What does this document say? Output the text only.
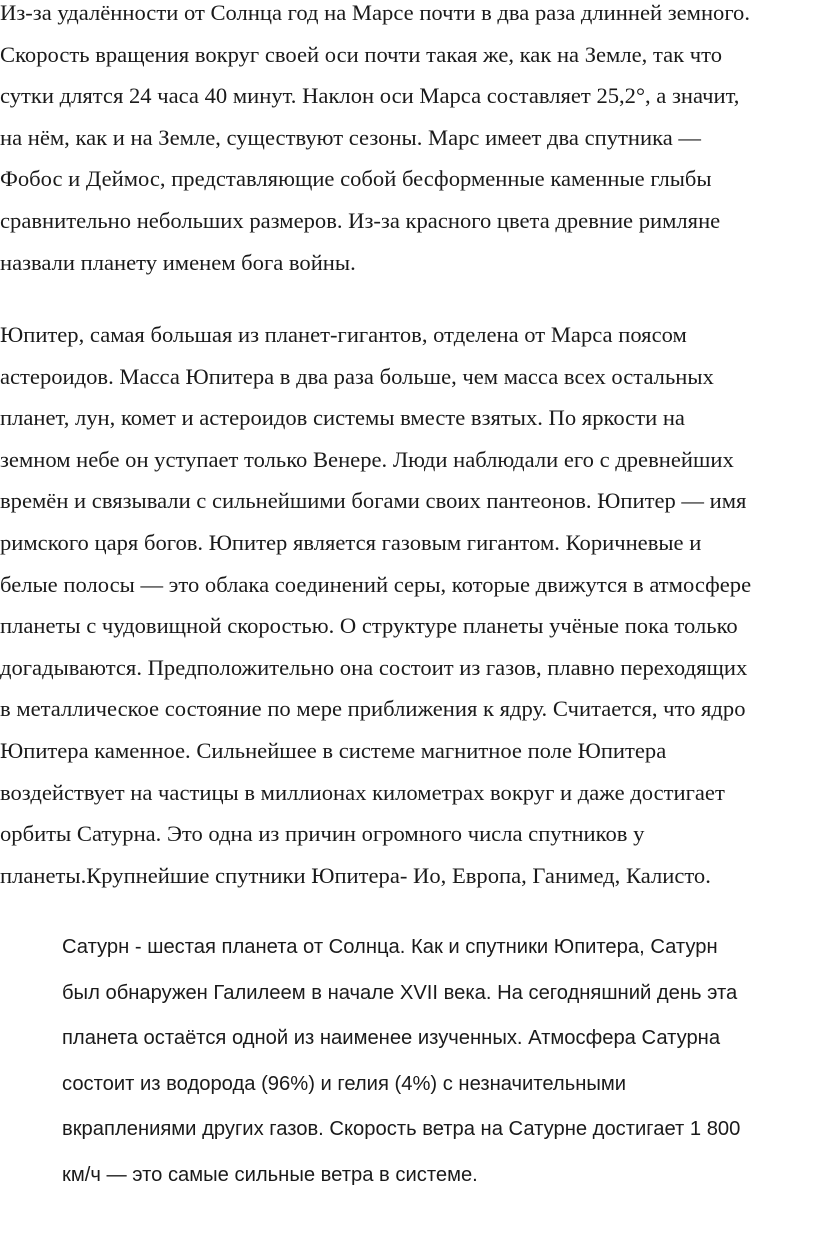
Из-за удалённости от Солнца год на Марсе почти в два раза длинней земного.
Скорость вращения вокруг своей оси почти такая же, как на Земле, так что
сутки длятся 24 часа 40 минут. Наклон оси Марса составляет 25,2°, а значит,
на нём, как и на Земле, существуют сезоны. Марс имеет два спутника —
Фобос и Деймос, представляющие собой бесформенные каменные глыбы
сравнительно небольших размеров. Из-за красного цвета древние римляне
назвали планету именем бога войны.

Юпитер, самая большая из планет-гигантов, отделена от Марса поясом
астероидов. Масса Юпитера в два раза больше, чем масса всех остальных
планет, лун, комет и астероидов системы вместе взятых. По яркости на
земном небе он уступает только Венере. Люди наблюдали его с древнейших
времён и связывали с сильнейшими богами своих пантеонов. Юпитер — имя
римского царя богов. Юпитер является газовым гигантом. Коричневые и
белые полосы — это облака соединений серы, которые движутся в атмосфере
планеты с чудовищной скоростью. О структуре планеты учёные пока только
догадываются. Предположительно она состоит из газов, плавно переходящих
в металлическое состояние по мере приближения к ядру. Считается, что ядро
Юпитера каменное. Сильнейшее в системе магнитное поле Юпитера
воздействует на частицы в миллионах километрах вокруг и даже достигает
орбиты Сатурна. Это одна из причин огромного числа спутников у
планеты.Крупнейшие спутники Юпитера- Ио, Европа, Ганимед, Калисто.

Сатурн - шестая планета от Солнца. Как и спутники Юпитера, Сатурн
был обнаружен Галилеем в начале XVII века. На сегодняшний день эта
планета остаётся одной из наименее изученных. Атмосфера Сатурна
состоит из водорода (96%) и гелия (4%) с незначительными
вкраплениями других газов. Скорость ветра на Сатурне достигает 1 800
км/ч — это самые сильные ветра в системе.
